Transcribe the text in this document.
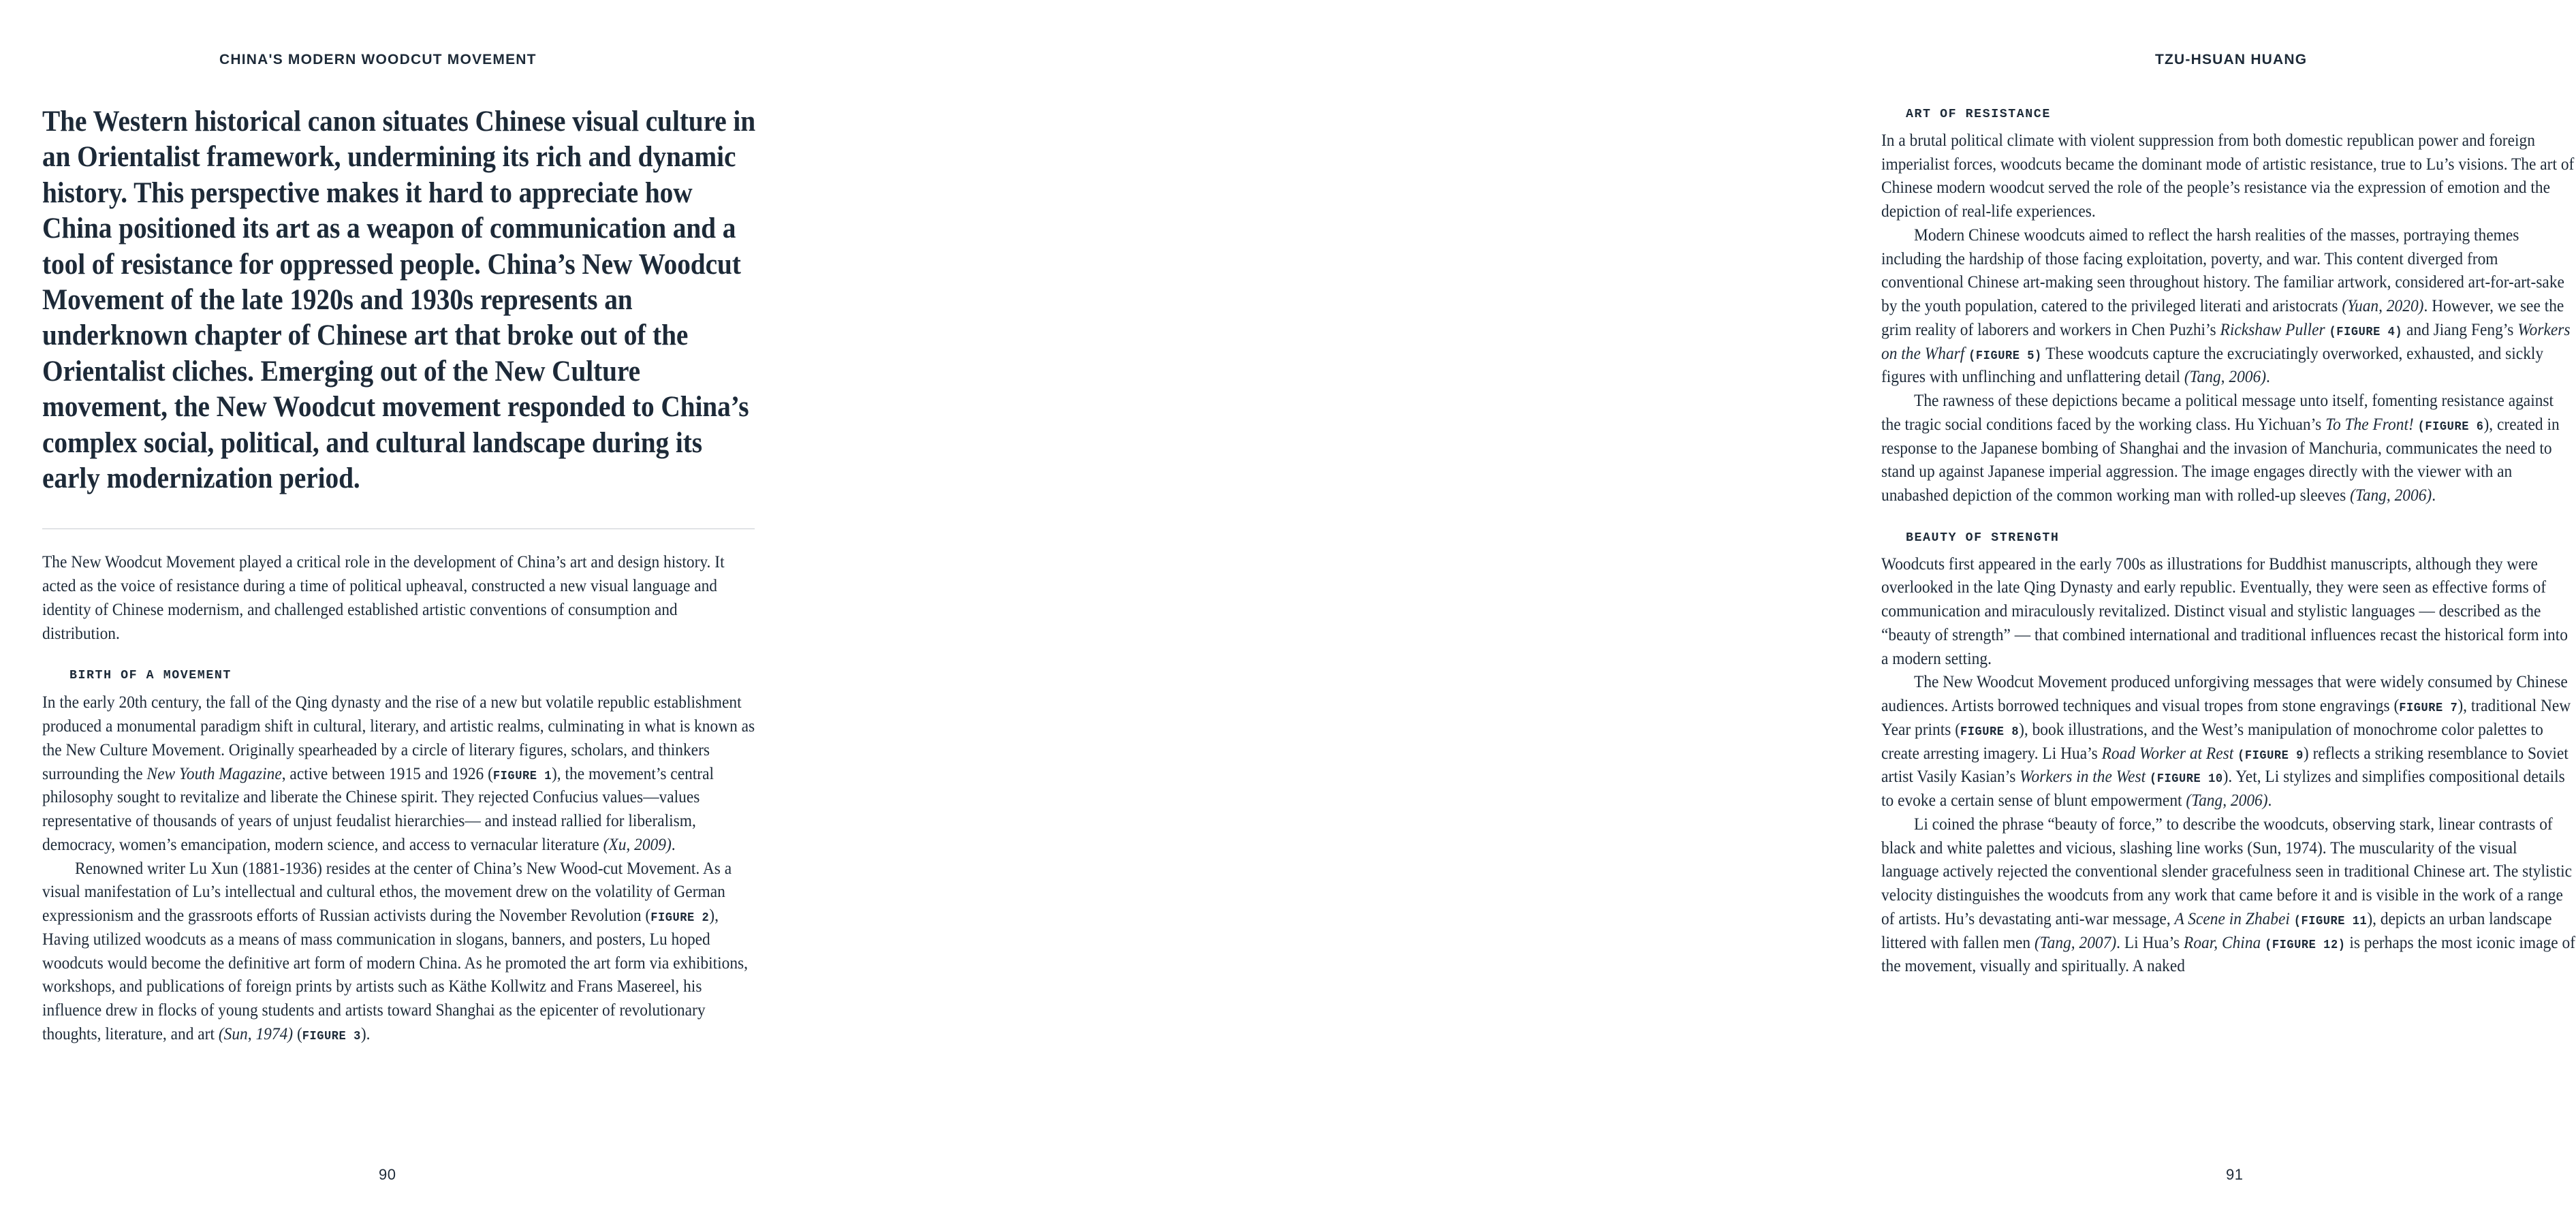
CHINA'S MODERN WOODCUT MOVEMENT
The Western historical canon situates Chinese visual culture in an Orientalist framework, undermining its rich and dynamic history. This perspective makes it hard to appreciate how China positioned its art as a weapon of communication and a tool of resistance for oppressed people. China’s New Woodcut Movement of the late 1920s and 1930s represents an underknown chapter of Chinese art that broke out of the Orientalist cliches. Emerging out of the New Culture movement, the New Woodcut movement responded to China’s complex social, political, and cultural landscape during its early modernization period.

The New Woodcut Movement played a critical role in the development of China’s art and design history. It acted as the voice of resistance during a time of political upheaval, constructed a new visual language and identity of Chinese modernism, and challenged established artistic conventions of consumption and distribution.

BIRTH OF A MOVEMENT

In the early 20th century, the fall of the Qing dynasty and the rise of a new but volatile republic establishment produced a monumental paradigm shift in cultural, literary, and artistic realms, culminating in what is known as the New Culture Movement. Originally spearheaded by a circle of literary figures, scholars, and thinkers surrounding the New Youth Magazine, active between 1915 and 1926 (FIGURE 1), the movement’s central philosophy sought to revitalize and liberate the Chinese spirit. They rejected Confucius values—values representative of thousands of years of unjust feudalist hierarchies— and instead rallied for liberalism, democracy, women’s emancipation, modern science, and access to vernacular literature (Xu, 2009).

Renowned writer Lu Xun (1881-1936) resides at the center of China’s New Wood-cut Movement. As a visual manifestation of Lu’s intellectual and cultural ethos, the movement drew on the volatility of German expressionism and the grassroots efforts of Russian activists during the November Revolution (FIGURE 2), Having utilized woodcuts as a means of mass communication in slogans, banners, and posters, Lu hoped woodcuts would become the definitive art form of modern China. As he promoted the art form via exhibitions, workshops, and publications of foreign prints by artists such as Käthe Kollwitz and Frans Masereel, his influence drew in flocks of young students and artists toward Shanghai as the epicenter of revolutionary thoughts, literature, and art (Sun, 1974) (FIGURE 3).

90
TZU-HSUAN HUANG
ART OF RESISTANCE

In a brutal political climate with violent suppression from both domestic republican power and foreign imperialist forces, woodcuts became the dominant mode of artistic resistance, true to Lu’s visions. The art of Chinese modern woodcut served the role of the people’s resistance via the expression of emotion and the depiction of real-life experiences.

Modern Chinese woodcuts aimed to reflect the harsh realities of the masses, portraying themes including the hardship of those facing exploitation, poverty, and war. This content diverged from conventional Chinese art-making seen throughout history. The familiar artwork, considered art-for-art-sake by the youth population, catered to the privileged literati and aristocrats (Yuan, 2020). However, we see the grim reality of laborers and workers in Chen Puzhi’s Rickshaw Puller (FIGURE 4) and Jiang Feng’s Workers on the Wharf (FIGURE 5) These woodcuts capture the excruciatingly overworked, exhausted, and sickly figures with unflinching and unflattering detail (Tang, 2006).

The rawness of these depictions became a political message unto itself, fomenting resistance against the tragic social conditions faced by the working class. Hu Yichuan’s To The Front! (FIGURE 6), created in response to the Japanese bombing of Shanghai and the invasion of Manchuria, communicates the need to stand up against Japanese imperial aggression. The image engages directly with the viewer with an unabashed depiction of the common working man with rolled-up sleeves (Tang, 2006).

BEAUTY OF STRENGTH

Woodcuts first appeared in the early 700s as illustrations for Buddhist manuscripts, although they were overlooked in the late Qing Dynasty and early republic. Eventually, they were seen as effective forms of communication and miraculously revitalized. Distinct visual and stylistic languages — described as the “beauty of strength” — that combined international and traditional influences recast the historical form into a modern setting.

The New Woodcut Movement produced unforgiving messages that were widely consumed by Chinese audiences. Artists borrowed techniques and visual tropes from stone engravings (FIGURE 7), traditional New Year prints (FIGURE 8), book illustrations, and the West’s manipulation of monochrome color palettes to create arresting imagery. Li Hua’s Road Worker at Rest (FIGURE 9) reflects a striking resemblance to Soviet artist Vasily Kasian’s Workers in the West (FIGURE 10). Yet, Li stylizes and simplifies compositional details to evoke a certain sense of blunt empowerment (Tang, 2006).

Li coined the phrase “beauty of force,” to describe the woodcuts, observing stark, linear contrasts of black and white palettes and vicious, slashing line works (Sun, 1974). The muscularity of the visual language actively rejected the conventional slender gracefulness seen in traditional Chinese art. The stylistic velocity distinguishes the woodcuts from any work that came before it and is visible in the work of a range of artists. Hu’s devastating anti-war message, A Scene in Zhabei (FIGURE 11), depicts an urban landscape littered with fallen men (Tang, 2007). Li Hua’s Roar, China (FIGURE 12) is perhaps the most iconic image of the movement, visually and spiritually. A naked

91
